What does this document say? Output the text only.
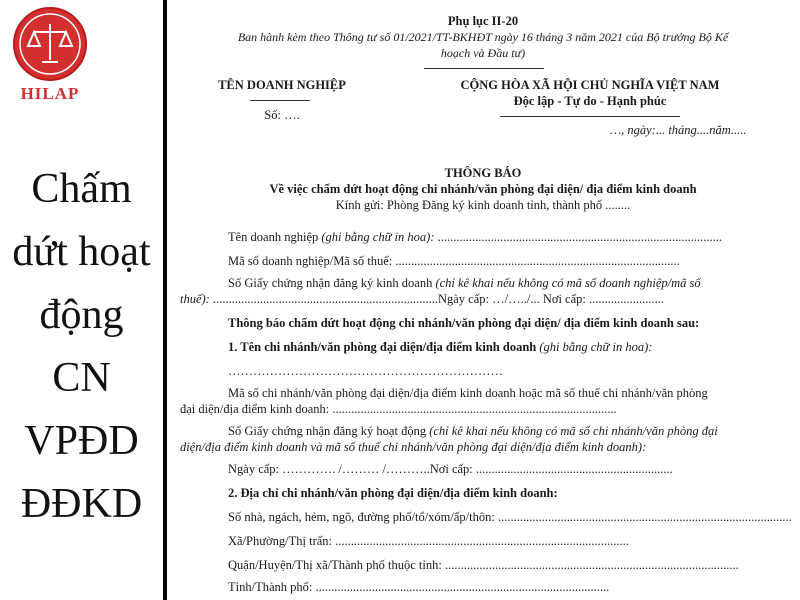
HILAP
Chấm
dứt hoạt
động
CN
VPĐD
ĐĐKD
Phụ lục II-20
Ban hành kèm theo Thông tư số 01/2021/TT-BKHĐT ngày 16 tháng 3 năm 2021 của Bộ trưởng Bộ Kế
hoạch và Đầu tư)
TÊN DOANH NGHIỆP
Số: ….
CỘNG HÒA XÃ HỘI CHỦ NGHĨA VIỆT NAM
Độc lập - Tự do - Hạnh phúc
…, ngày:... tháng....năm.....
THÔNG BÁO
Về việc chấm dứt hoạt động chi nhánh/văn phòng đại diện/ địa điểm kinh doanh
Kính gửi: Phòng Đăng ký kinh doanh tỉnh, thành phố ........
Tên doanh nghiệp (ghi bằng chữ in hoa): ...........................................................................................
Mã số doanh nghiệp/Mã số thuế: ...........................................................................................
Số Giấy chứng nhận đăng ký kinh doanh (chỉ kê khai nếu không có mã số doanh nghiệp/mã số
thuế): ........................................................................Ngày cấp: …/…../... Nơi cấp: ........................
Thông báo chấm dứt hoạt động chi nhánh/văn phòng đại diện/ địa điểm kinh doanh sau:
1. Tên chi nhánh/văn phòng đại diện/địa điểm kinh doanh (ghi bằng chữ in hoa):
…………………………………………………………
Mã số chi nhánh/văn phòng đại diện/địa điểm kinh doanh hoặc mã số thuế chi nhánh/văn phòng
đại diện/địa điểm kinh doanh: ...........................................................................................
Số Giấy chứng nhận đăng ký hoạt động (chỉ kê khai nếu không có mã số chi nhánh/văn phòng đại
diện/địa điểm kinh doanh và mã số thuế chi nhánh/văn phòng đại diện/địa điểm kinh doanh):
Ngày cấp: …………. /……… /………..Nơi cấp: ...............................................................
2. Địa chỉ chi nhánh/văn phòng đại diện/địa điểm kinh doanh:
Số nhà, ngách, hẻm, ngõ, đường phố/tổ/xóm/ấp/thôn: ..............................................................................................
Xã/Phường/Thị trấn: ..............................................................................................
Quận/Huyện/Thị xã/Thành phố thuộc tỉnh: ..............................................................................................
Tỉnh/Thành phố: ..............................................................................................
